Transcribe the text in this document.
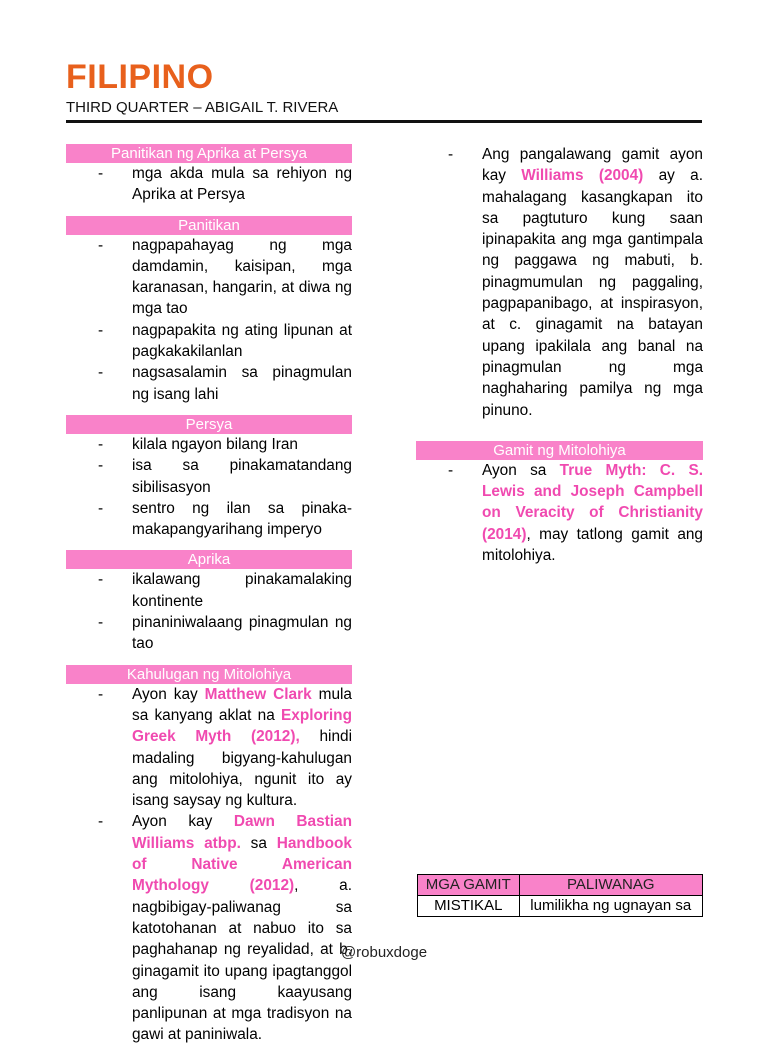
FILIPINO
THIRD QUARTER – ABIGAIL T. RIVERA
Panitikan ng Aprika at Persya
- mga akda mula sa rehiyon ng Aprika at Persya
Panitikan
- nagpapahayag ng mga damdamin, kaisipan, mga karanasan, hangarin, at diwa ng mga tao
- nagpapakita ng ating lipunan at pagkakakilanlan
- nagsasalamin sa pinagmulan ng isang lahi
Persya
- kilala ngayon bilang Iran
- isa sa pinakamatandang sibilisasyon
- sentro ng ilan sa pinaka-makapangyarihang imperyo
Aprika
- ikalawang pinakamalaking kontinente
- pinaniniwalaang pinagmulan ng tao
Kahulugan ng Mitolohiya
- Ayon kay Matthew Clark mula sa kanyang aklat na Exploring Greek Myth (2012), hindi madaling bigyang-kahulugan ang mitolohiya, ngunit ito ay isang saysay ng kultura.
- Ayon kay Dawn Bastian Williams atbp. sa Handbook of Native American Mythology (2012), a. nagbibigay-paliwanag sa katotohanan at nabuo ito sa paghahanap ng reyalidad, at b. ginagamit ito upang ipagtanggol ang isang kaayusang panlipunan at mga tradisyon na gawi at paniniwala.
- Ang pangalawang gamit ayon kay Williams (2004) ay a. mahalagang kasangkapan ito sa pagtuturo kung saan ipinapakita ang mga gantimpala ng paggawa ng mabuti, b. pinagmumulan ng paggaling, pagpapanibago, at inspirasyon, at c. ginagamit na batayan upang ipakilala ang banal na pinagmulan ng mga naghaharing pamilya ng mga pinuno.
Gamit ng Mitolohiya
- Ayon sa True Myth: C. S. Lewis and Joseph Campbell on Veracity of Christianity (2014), may tatlong gamit ang mitolohiya.
MGA GAMIT	PALIWANAG
MISTIKAL	lumilikha ng ugnayan sa
@robuxdoge
